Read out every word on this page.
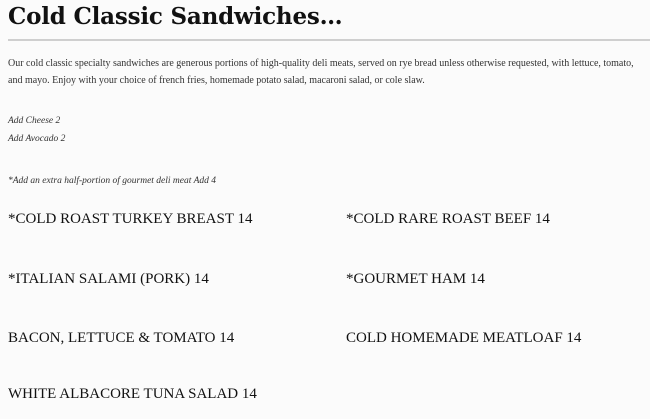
Cold Classic Sandwiches…

Our cold classic specialty sandwiches are generous portions of high-quality deli meats, served on rye bread unless otherwise requested, with lettuce, tomato, and mayo. Enjoy with your choice of french fries, homemade potato salad, macaroni salad, or cole slaw.

Add Cheese 2

Add Avocado 2

*Add an extra half-portion of gourmet deli meat Add 4

*COLD ROAST TURKEY BREAST 14	*COLD RARE ROAST BEEF 14

*ITALIAN SALAMI (PORK) 14	*GOURMET HAM 14

BACON, LETTUCE & TOMATO 14	COLD HOMEMADE MEATLOAF 14

WHITE ALBACORE TUNA SALAD 14
